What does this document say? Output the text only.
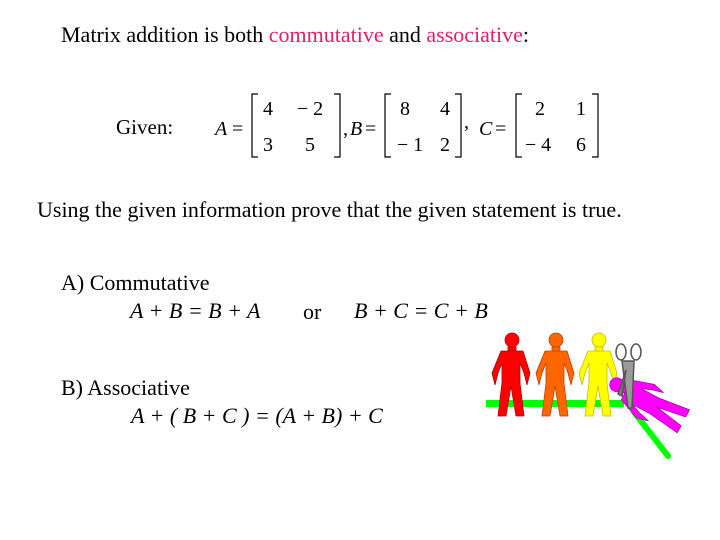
Matrix addition is both commutative and associative:
Given: A =
4 − 2
3 5
, B =
8 4
− 1 2
, C =
2 1
− 4 6
Using the given information prove that the given statement is true.
A) Commutative
A + B = B + A or B + C = C + B
B) Associative
A + ( B + C ) = (A + B) + C
